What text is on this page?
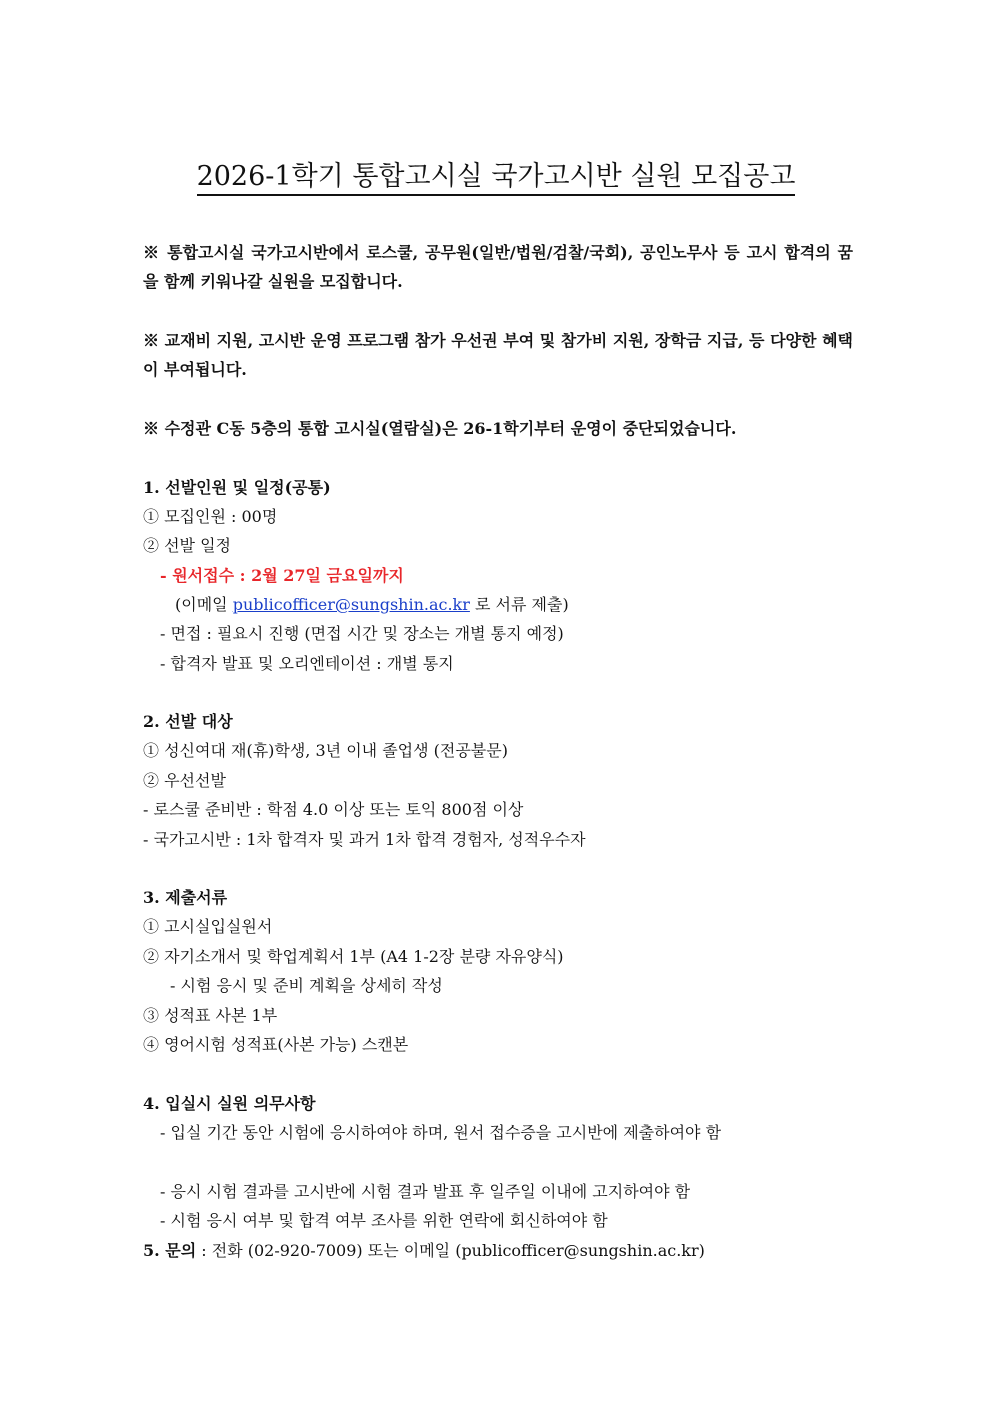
2026-1학기 통합고시실 국가고시반 실원 모집공고
※ 통합고시실 국가고시반에서 로스쿨, 공무원(일반/법원/검찰/국회), 공인노무사 등 고시 합격의 꿈을 함께 키워나갈 실원을 모집합니다.
※ 교재비 지원, 고시반 운영 프로그램 참가 우선권 부여 및 참가비 지원, 장학금 지급, 등 다양한 혜택이 부여됩니다.
※ 수정관 C동 5층의 통합 고시실(열람실)은 26-1학기부터 운영이 중단되었습니다.
1. 선발인원 및 일정(공통)
① 모집인원 : 00명
② 선발 일정
- 원서접수 : 2월 27일 금요일까지
(이메일 publicofficer@sungshin.ac.kr 로 서류 제출)
- 면접 : 필요시 진행 (면접 시간 및 장소는 개별 통지 예정)
- 합격자 발표 및 오리엔테이션 : 개별 통지
2. 선발 대상
① 성신여대 재(휴)학생, 3년 이내 졸업생 (전공불문)
② 우선선발
- 로스쿨 준비반 : 학점 4.0 이상 또는 토익 800점 이상
- 국가고시반 : 1차 합격자 및 과거 1차 합격 경험자, 성적우수자
3. 제출서류
① 고시실입실원서
② 자기소개서 및 학업계획서 1부 (A4 1-2장 분량 자유양식)
- 시험 응시 및 준비 계획을 상세히 작성
③ 성적표 사본 1부
④ 영어시험 성적표(사본 가능) 스캔본
4. 입실시 실원 의무사항
- 입실 기간 동안 시험에 응시하여야 하며, 원서 접수증을 고시반에 제출하여야 함
- 응시 시험 결과를 고시반에 시험 결과 발표 후 일주일 이내에 고지하여야 함
- 시험 응시 여부 및 합격 여부 조사를 위한 연락에 회신하여야 함
5. 문의 : 전화 (02-920-7009) 또는 이메일 (publicofficer@sungshin.ac.kr)
